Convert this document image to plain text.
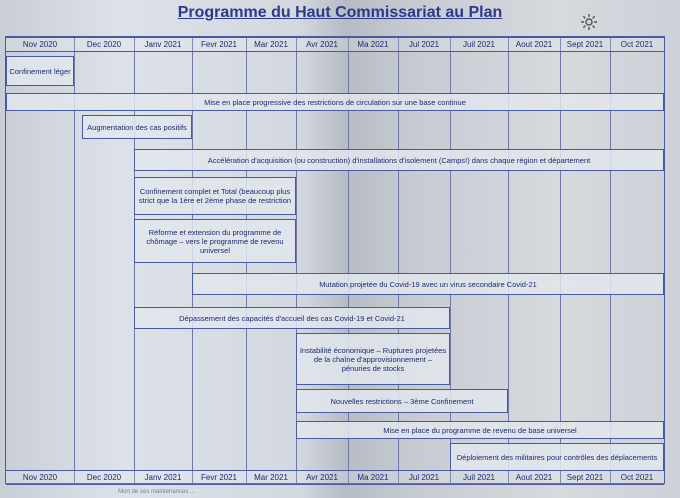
Programme du Haut Commissariat au Plan
Nov 2020	Dec 2020	Janv 2021	Fevr 2021	Mar 2021	Avr 2021	Ma 2021	Jul 2021	Juil 2021	Aout 2021	Sept 2021	Oct 2021
Confinement léger
Mise en place progressive des restrictions de circulation sur une base continue
Augmentation des cas positifs
Accélération d'acquisition (ou construction) d'installations d'isolement (Camps!) dans chaque région et département
Confinement complet et Total (beaucoup plus strict que la 1ère et 2ème phase de restriction
Réforme et extension du programme de chômage – vers le programme de revenu universel
Mutation projetée du Covid-19 avec un virus secondaire Covid-21
Dépassement des capacités d'accueil des cas Covid-19 et Covid-21
Instabilité économique – Ruptures projetées de la chaîne d'approvisionnement – pénuries de stocks
Nouvelles restrictions – 3ème Confinement
Mise en place du programme de revenu de base universel
Déploiement des militaires pour contrôles des déplacements
Nov 2020	Dec 2020	Janv 2021	Fevr 2021	Mar 2021	Avr 2021	Ma 2021	Jul 2021	Juil 2021	Aout 2021	Sept 2021	Oct 2021
Mort de ses maintenances ...
